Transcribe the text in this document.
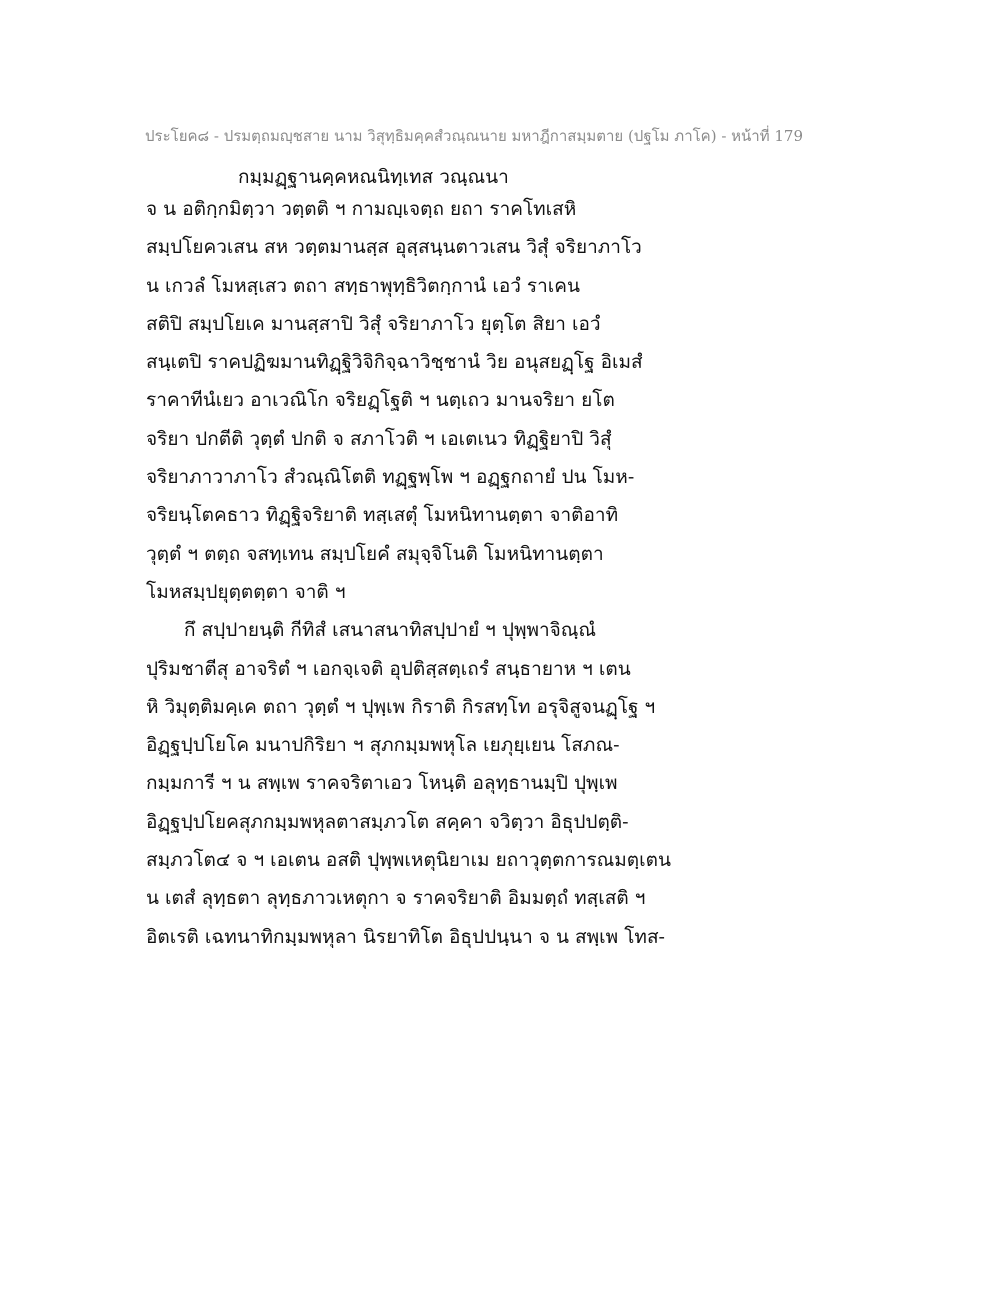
ประโยค๘ - ปรมตฺถมญฺชสาย นาม วิสุทฺธิมคฺคสํวณฺณนาย มหาฎีกาสมฺมตาย (ปฐโม ภาโค) - หน้าที่ 179
กมฺมฏฺฐานคฺคหณนิทฺเทส วณฺณนา
จ น อติกฺกมิตฺวา วตฺตติ ฯ กามญฺเจตฺถ ยถา ราคโทเสหิ
สมฺปโยควเสน สห วตฺตมานสฺส อุสฺสนฺนตาวเสน วิสุํ จริยาภาโว
น เกวลํ โมหสฺเสว ตถา สทฺธาพุทฺธิวิตกฺกานํ เอวํ ราเคน
สติปิ สมฺปโยเค มานสฺสาปิ วิสุํ จริยาภาโว ยุตฺโต สิยา เอวํ
สนฺเตปิ ราคปฏิฆมานทิฏฺฐิวิจิกิจฺฉาวิชฺชานํ วิย อนุสยฏฺโฐ อิเมสํ
ราคาทีนํเยว อาเวณิโก จริยฏฺโฐติ ฯ นตฺเถว มานจริยา ยโต
จริยา ปกตีติ วุตฺตํ ปกติ จ สภาโวติ ฯ เอเตเนว ทิฏฺฐิยาปิ วิสุํ
จริยาภาวาภาโว สํวณฺณิโตติ ทฏฺฐพฺโพ ฯ อฏฺฐกถายํ ปน โมห-
จริยนฺโตคธาว ทิฏฺฐิจริยาติ ทสฺเสตุํ โมหนิทานตฺตา จาติอาทิ
วุตฺตํ ฯ ตตฺถ จสทฺเทน สมฺปโยคํ สมุจฺจิโนติ โมหนิทานตฺตา
โมหสมฺปยุตฺตตฺตา จาติ ฯ
กึ สปฺปายนฺติ กีทิสํ เสนาสนาทิสปฺปายํ ฯ ปุพฺพาจิณฺณํ
ปุริมชาตีสุ อาจริตํ ฯ เอกจฺเจติ อุปติสฺสตฺเถรํ สนฺธายาห ฯ เตน
หิ วิมุตฺติมคฺเค ตถา วุตฺตํ ฯ ปุพฺเพ กิราติ กิรสทฺโท อรุจิสูจนฏฺโฐ ฯ
อิฏฺฐปฺปโยโค มนาปกิริยา ฯ สุภกมฺมพหุโล เยภุยฺเยน โสภณ-
กมฺมการี ฯ น สพฺเพ ราคจริตาเอว โหนฺติ อลุทฺธานมฺปิ ปุพฺเพ
อิฏฺฐปฺปโยคสุภกมฺมพหุลตาสมฺภวโต สคฺคา จวิตฺวา อิธุปปตฺติ-
สมฺภวโต๔ จ ฯ เอเตน อสติ ปุพฺพเหตุนิยาเม ยถาวุตฺตการณมตฺเตน
น เตสํ ลุทฺธตา ลุทฺธภาวเหตุกา จ ราคจริยาติ อิมมตฺถํ ทสฺเสติ ฯ
อิตเรติ เฉทนาทิกมฺมพหุลา นิรยาทิโต อิธุปปนฺนา จ น สพฺเพ โทส-
